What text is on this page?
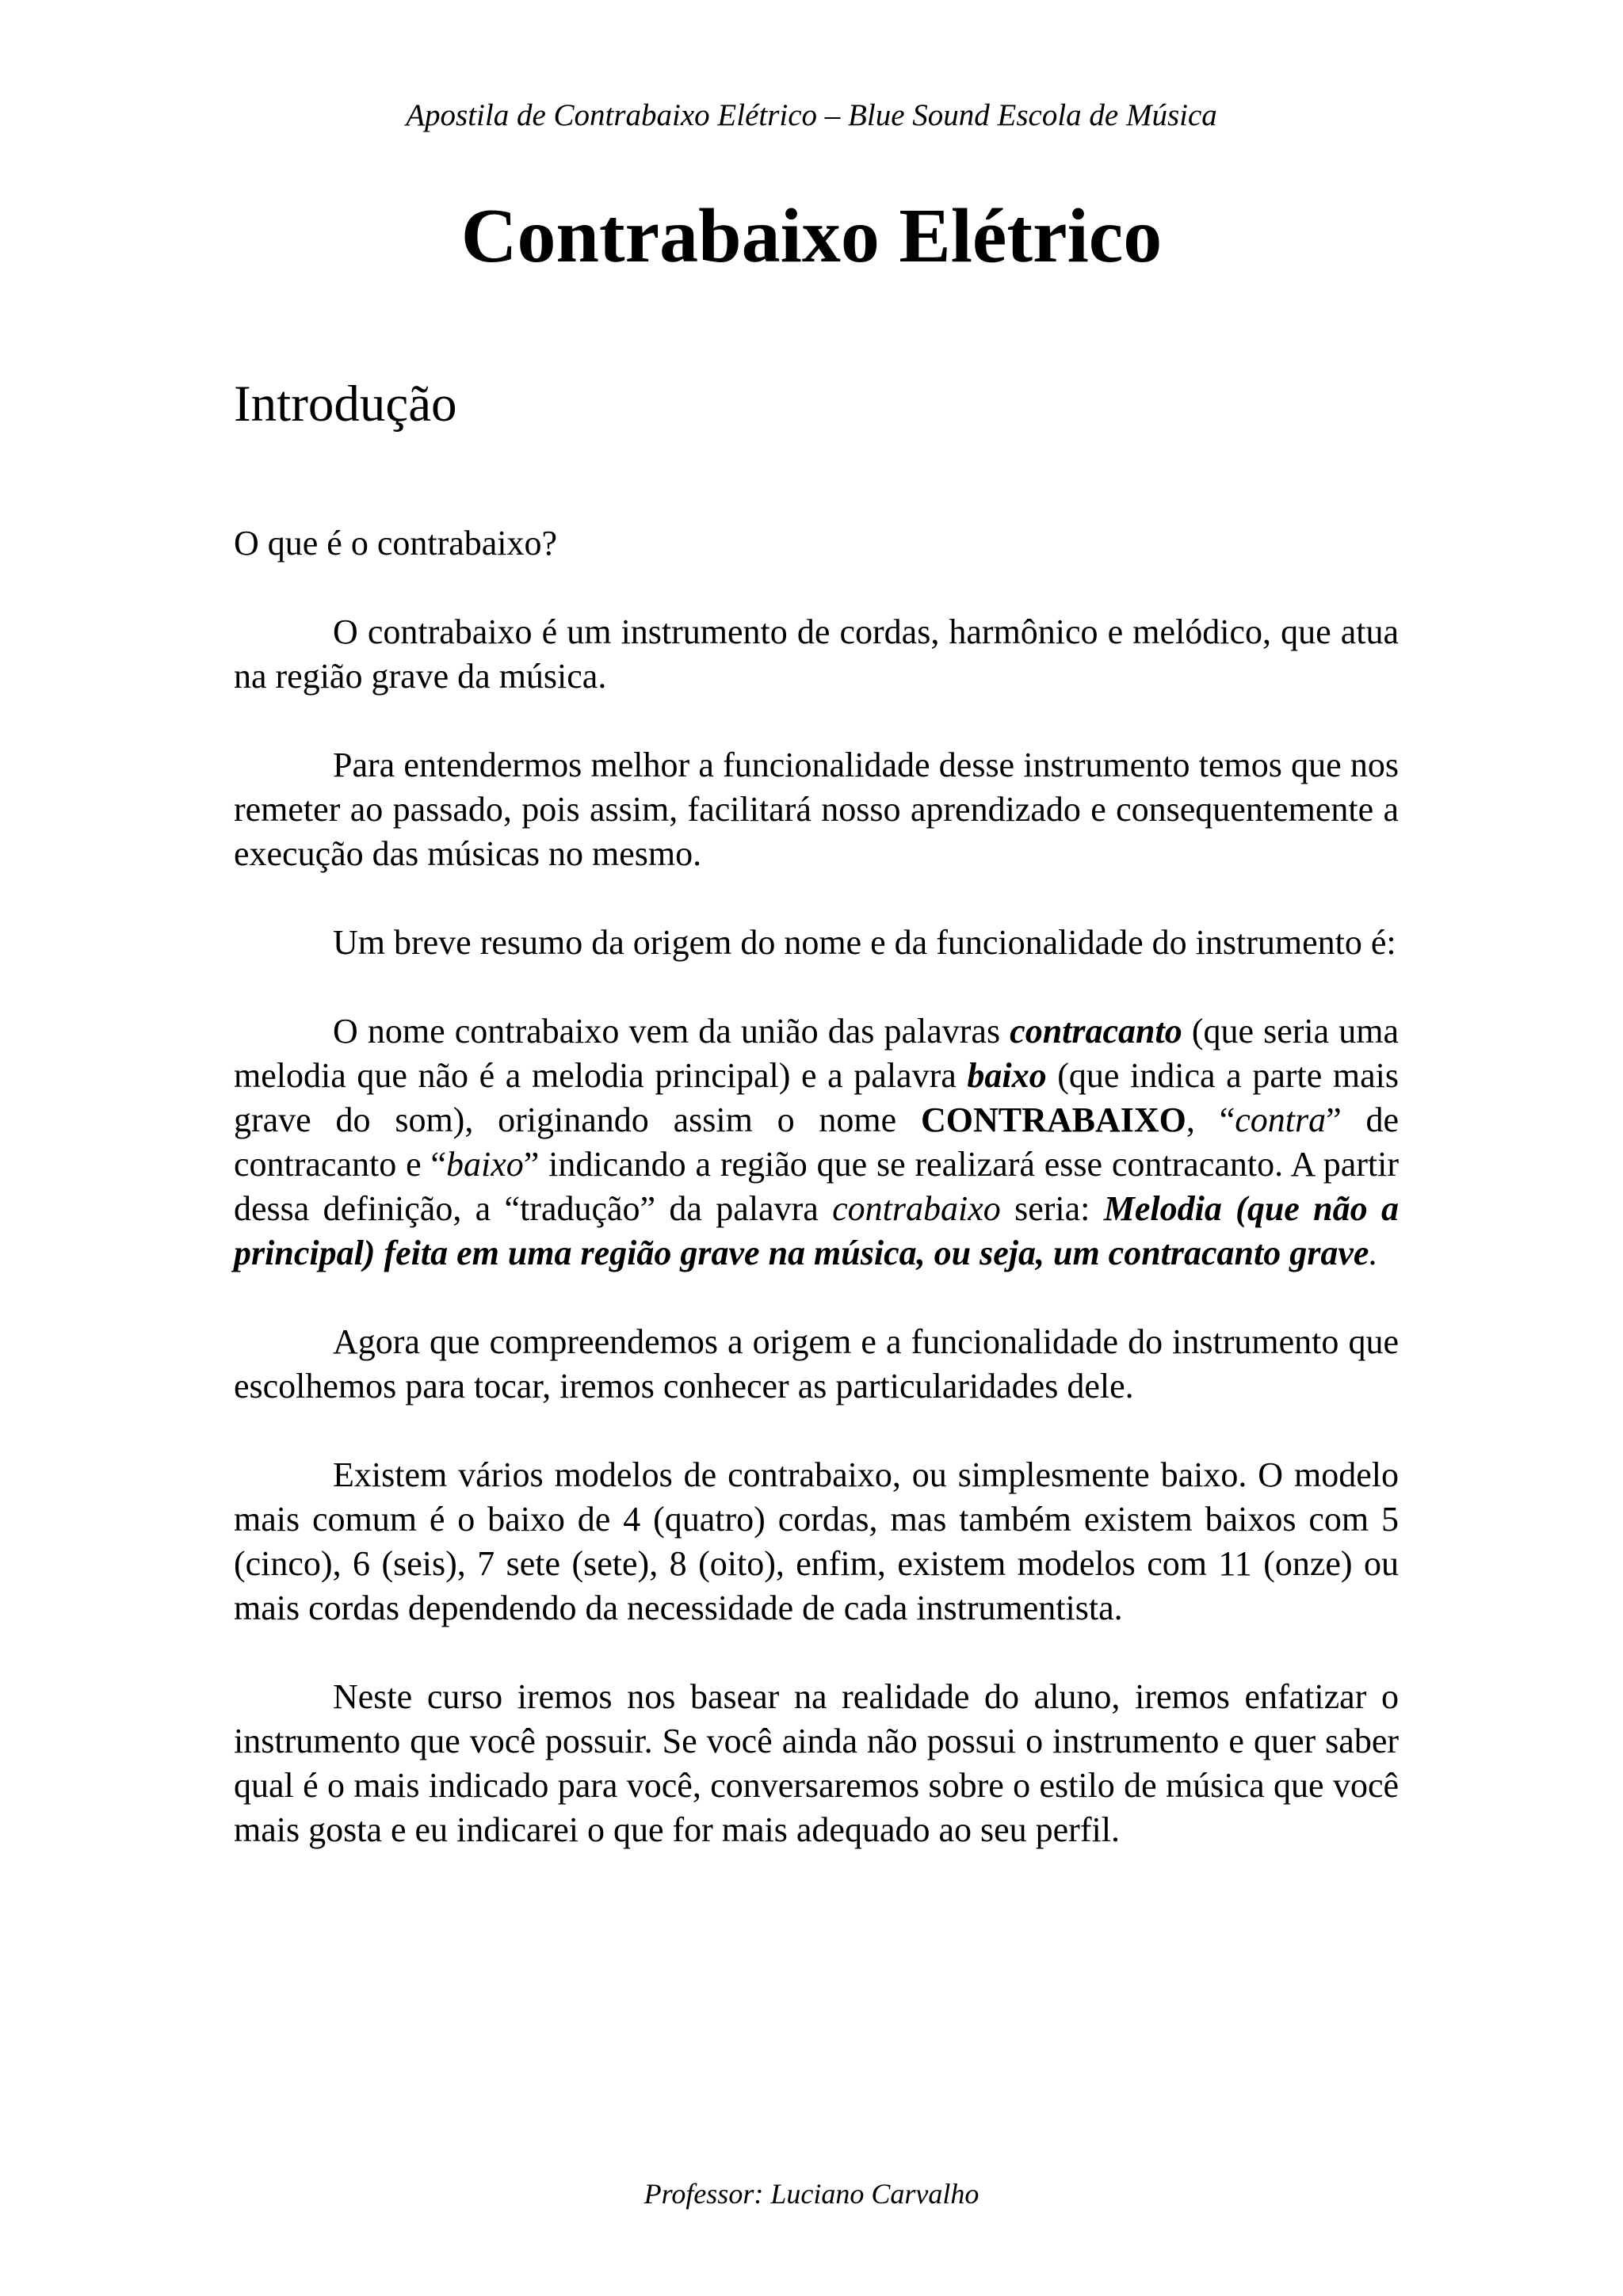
Apostila de Contrabaixo Elétrico – Blue Sound Escola de Música
Contrabaixo Elétrico
Introdução
O que é o contrabaixo?

O contrabaixo é um instrumento de cordas, harmônico e melódico, que atua na região grave da música.

Para entendermos melhor a funcionalidade desse instrumento temos que nos remeter ao passado, pois assim, facilitará nosso aprendizado e consequentemente a execução das músicas no mesmo.

Um breve resumo da origem do nome e da funcionalidade do instrumento é:

O nome contrabaixo vem da união das palavras contracanto (que seria uma melodia que não é a melodia principal) e a palavra baixo (que indica a parte mais grave do som), originando assim o nome CONTRABAIXO, “contra” de contracanto e “baixo” indicando a região que se realizará esse contracanto. A partir dessa definição, a “tradução” da palavra contrabaixo seria: Melodia (que não a principal) feita em uma região grave na música, ou seja, um contracanto grave.

Agora que compreendemos a origem e a funcionalidade do instrumento que escolhemos para tocar, iremos conhecer as particularidades dele.

Existem vários modelos de contrabaixo, ou simplesmente baixo. O modelo mais comum é o baixo de 4 (quatro) cordas, mas também existem baixos com 5 (cinco), 6 (seis), 7 sete (sete), 8 (oito), enfim, existem modelos com 11 (onze) ou mais cordas dependendo da necessidade de cada instrumentista.

Neste curso iremos nos basear na realidade do aluno, iremos enfatizar o instrumento que você possuir. Se você ainda não possui o instrumento e quer saber qual é o mais indicado para você, conversaremos sobre o estilo de música que você mais gosta e eu indicarei o que for mais adequado ao seu perfil.

Professor: Luciano Carvalho
